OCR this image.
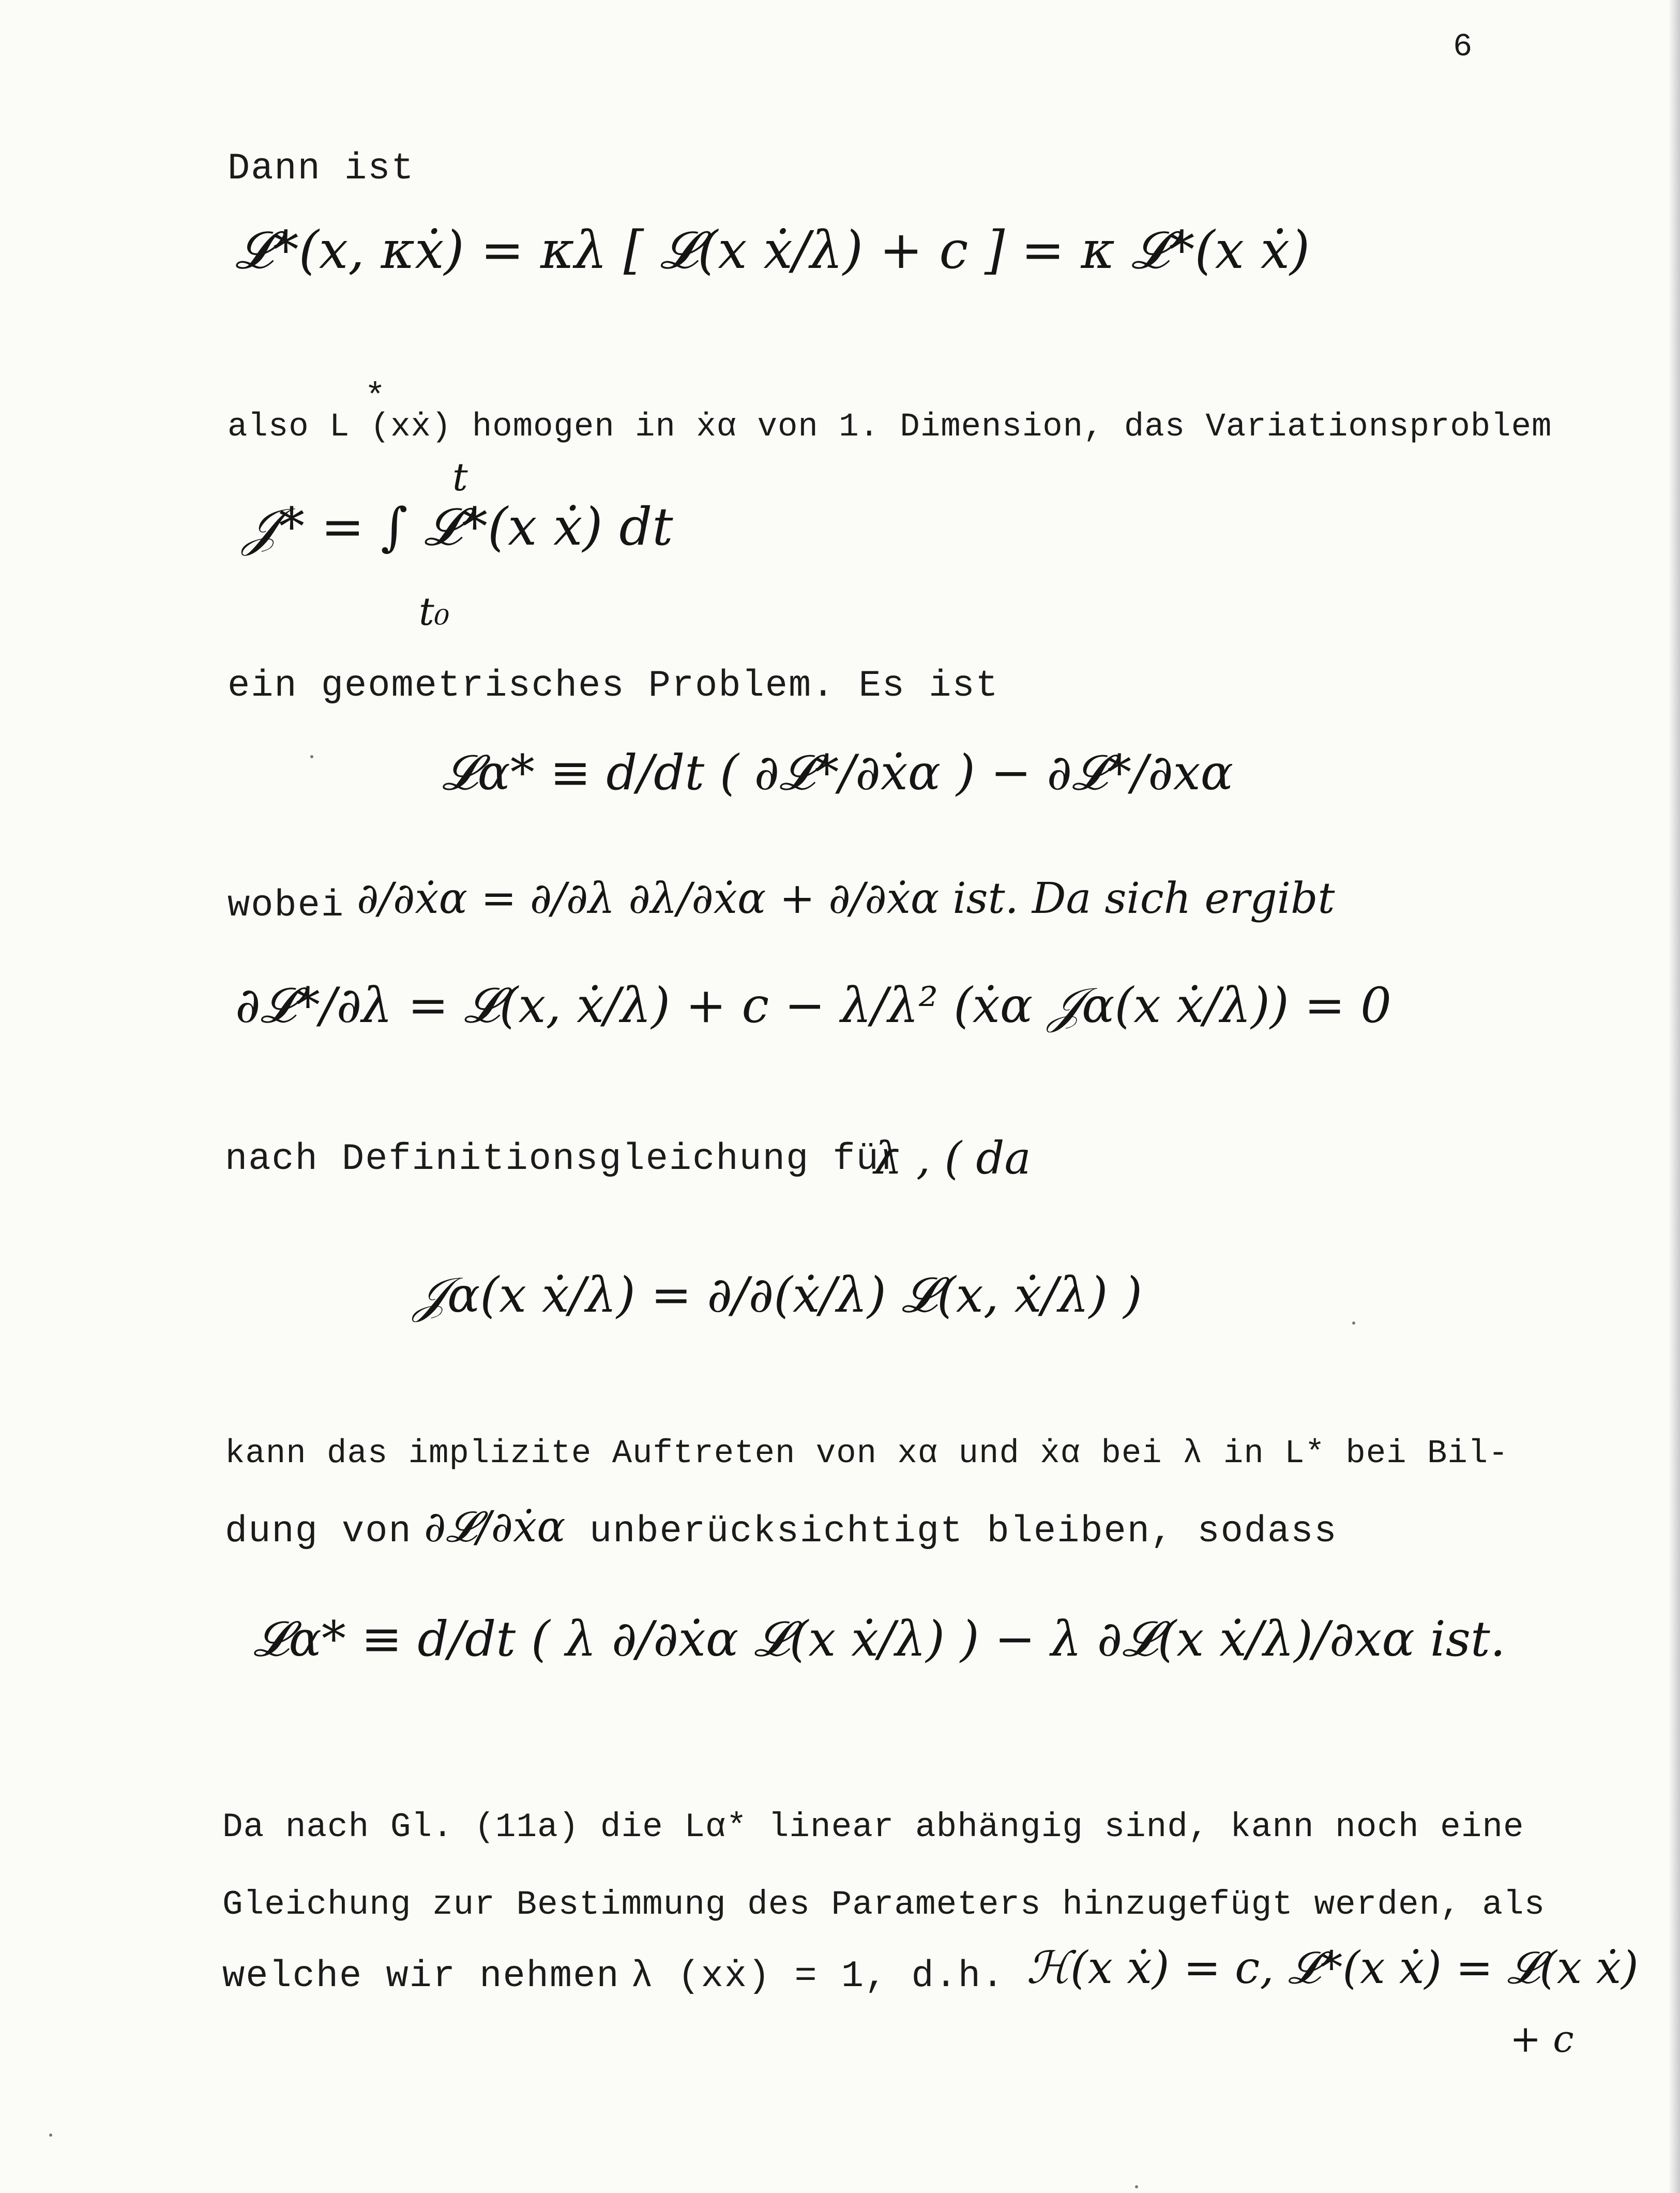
6
Dann ist
𝓛*(x, κẋ) = κλ [ 𝓛(x ẋ/λ) + c ] = κ 𝓛*(x ẋ)
*
also L (xẋ) homogen in ẋα von 1. Dimension, das Variationsproblem
t
𝒥* = ∫ 𝓛*(x ẋ) dt
t₀
ein geometrisches Problem. Es ist
𝓛α* ≡ d/dt ( ∂𝓛*/∂ẋα ) − ∂𝓛*/∂xα
wobei ∂/∂ẋα = ∂/∂λ ∂λ/∂ẋα + ∂/∂ẋα ist. Da sich ergibt
∂𝓛*/∂λ = 𝓛(x, ẋ/λ) + c − λ/λ² (ẋα 𝒥α(x ẋ/λ)) = 0
nach Definitionsgleichung für
λ , ( da
𝒥α(x ẋ/λ) = ∂/∂(ẋ/λ) 𝓛(x, ẋ/λ) )
kann das implizite Auftreten von xα und ẋα bei λ in L* bei Bil-
dung von ∂𝓛/∂ẋα unberücksichtigt bleiben, sodass
𝓛α* ≡ d/dt ( λ ∂/∂ẋα 𝓛(x ẋ/λ) ) − λ ∂𝓛(x ẋ/λ)/∂xα ist.
Da nach Gl. (11a) die Lα* linear abhängig sind, kann noch eine
Gleichung zur Bestimmung des Parameters hinzugefügt werden, als
welche wir nehmen λ (xẋ) = 1, d.h. ℋ(x ẋ) = c, 𝓛*(x ẋ) = 𝓛(x ẋ)
+ c
